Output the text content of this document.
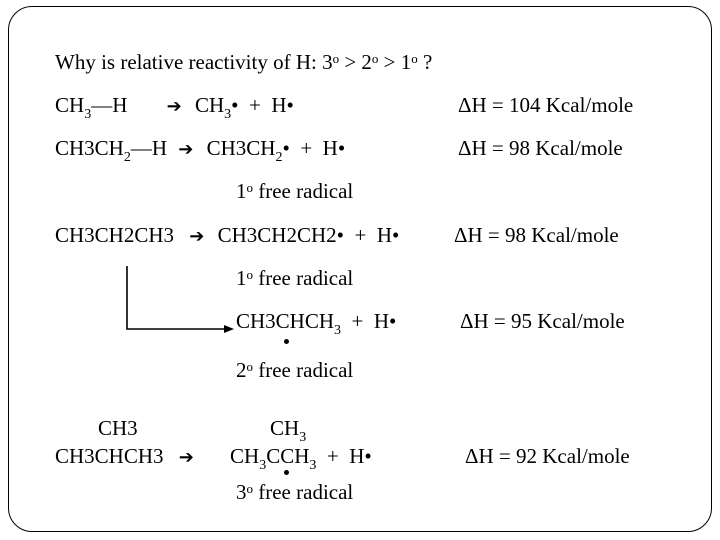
Why is relative reactivity of H: $3^o > 2^o > 1^o$ ?
$CH_3—H$ ➔ $CH_3•$  +  H•	ΔH = 104 Kcal/mole
$CH3CH_2—H$ ➔ $CH3CH_2•$  +  H•	ΔH = 98 Kcal/mole
1$^o$ free radical
CH3CH2CH3 ➔ CH3CH2CH2•  +  H•	ΔH = 98 Kcal/mole
1$^o$ free radical
$CH3CHCH_3$  +  H•	ΔH = 95 Kcal/mole
2$^o$ free radical
CH3
CH3CHCH3 ➔
$CH_3$
$CH_3CCH_3$  +  H•	ΔH = 92 Kcal/mole
3$^o$ free radical
